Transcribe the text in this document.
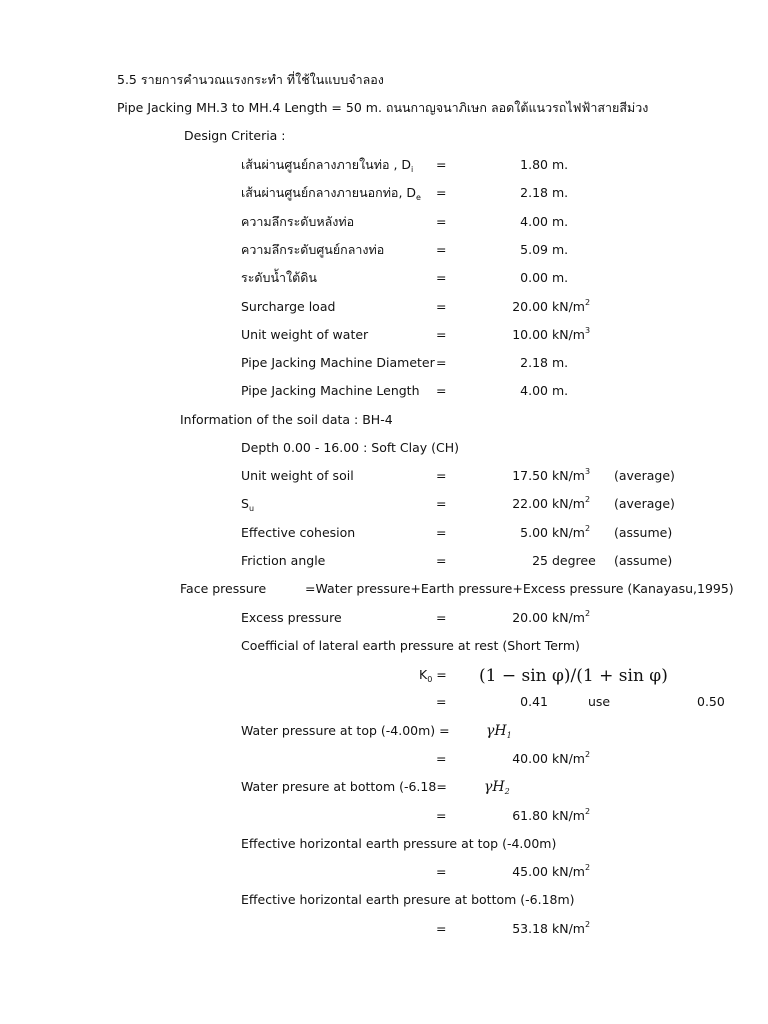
5.5 รายการคำนวณแรงกระทำ ที่ใช้ในแบบจำลอง
Pipe Jacking MH.3 to MH.4 Length = 50 m. ถนนกาญจนาภิเษก ลอดใต้แนวรถไฟฟ้าสายสีม่วง
Design Criteria :
เส้นผ่านศูนย์กลางภายในท่อ , $D_i$ =	1.80 m.
เส้นผ่านศูนย์กลางภายนอกท่อ, $D_e$ =	2.18 m.
ความลึกระดับหลังท่อ	=	4.00 m.
ความลึกระดับศูนย์กลางท่อ	=	5.09 m.
ระดับน้ำใต้ดิน	=	0.00 m.
Surcharge load	=	20.00 $kN/m^2$
Unit weight of water	=	10.00 $kN/m^3$
Pipe Jacking Machine Diameter =	2.18 m.
Pipe Jacking Machine Length =	4.00 m.
Information of the soil data : BH-4
Depth 0.00 - 16.00 : Soft Clay (CH)
Unit weight of soil	=	17.50 $kN/m^3$ (average)
$S_u$	=	22.00 $kN/m^2$ (average)
Effective cohesion	=	5.00 $kN/m^2$ (assume)
Friction angle	=	25 degree (assume)
Face pressure	=Water pressure+Earth pressure+Excess pressure (Kanayasu,1995)
Excess pressure	=	20.00 $kN/m^2$
Coefficial of lateral earth pressure at rest (Short Term)
$K_0 = (1 - \sin \varphi)/(1 + \sin \varphi)$
=	0.41	use	0.50
Water pressure at top (-4.00m) =	$\gamma H_1$
=	40.00 $kN/m^2$
Water presure at bottom (-6.18=	$\gamma H_2$
=	61.80 $kN/m^2$
Effective horizontal earth pressure at top (-4.00m)
=	45.00 $kN/m^2$
Effective horizontal earth presure at bottom (-6.18m)
=	53.18 $kN/m^2$
